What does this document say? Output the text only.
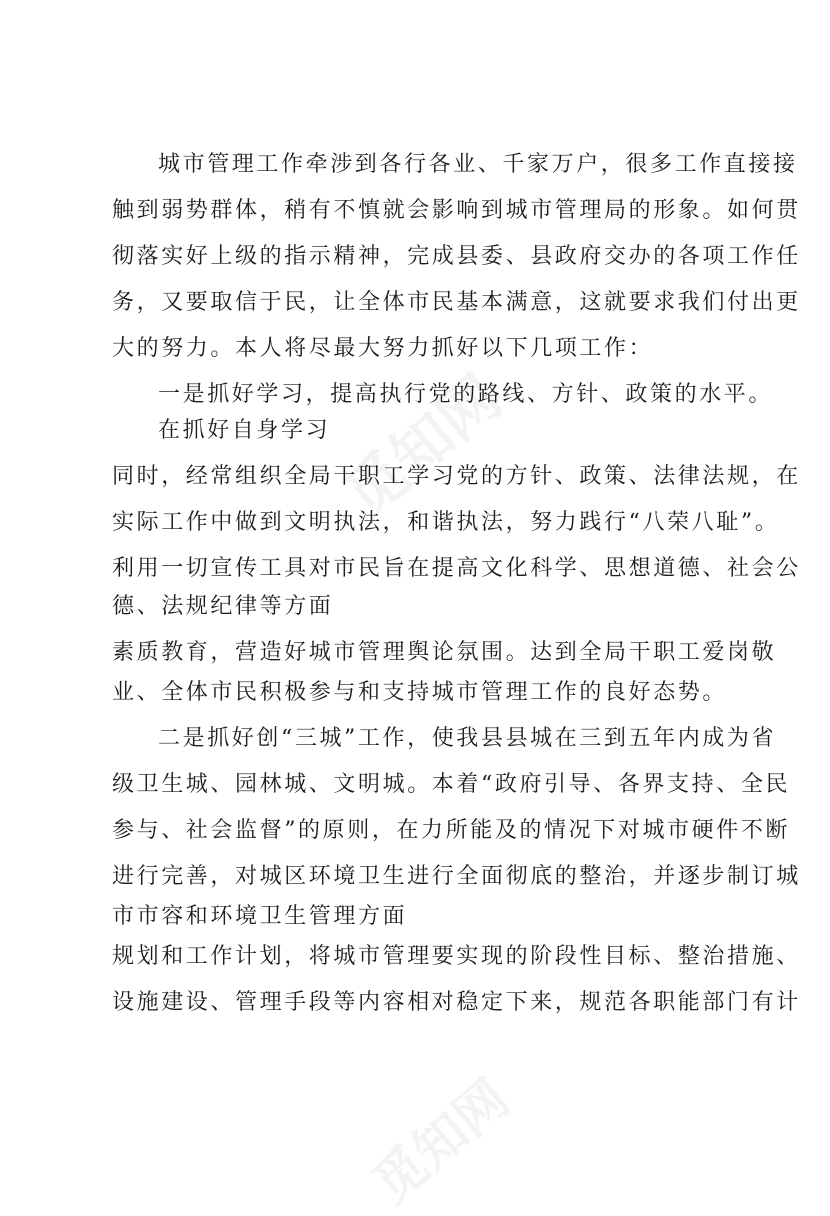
觅知网
觅知网
城市管理工作牵涉到各行各业、千家万户，很多工作直接接
触到弱势群体，稍有不慎就会影响到城市管理局的形象。如何贯
彻落实好上级的指示精神，完成县委、县政府交办的各项工作任
务，又要取信于民，让全体市民基本满意，这就要求我们付出更
大的努力。本人将尽最大努力抓好以下几项工作：
一是抓好学习，提高执行党的路线、方针、政策的水平。
在抓好自身学习
同时，经常组织全局干职工学习党的方针、政策、法律法规，在
实际工作中做到文明执法，和谐执法，努力践行“八荣八耻”。
利用一切宣传工具对市民旨在提高文化科学、思想道德、社会公
德、法规纪律等方面
素质教育，营造好城市管理舆论氛围。达到全局干职工爱岗敬
业、全体市民积极参与和支持城市管理工作的良好态势。
二是抓好创“三城”工作，使我县县城在三到五年内成为省
级卫生城、园林城、文明城。本着“政府引导、各界支持、全民
参与、社会监督”的原则，在力所能及的情况下对城市硬件不断
进行完善，对城区环境卫生进行全面彻底的整治，并逐步制订城
市市容和环境卫生管理方面
规划和工作计划，将城市管理要实现的阶段性目标、整治措施、
设施建设、管理手段等内容相对稳定下来，规范各职能部门有计
